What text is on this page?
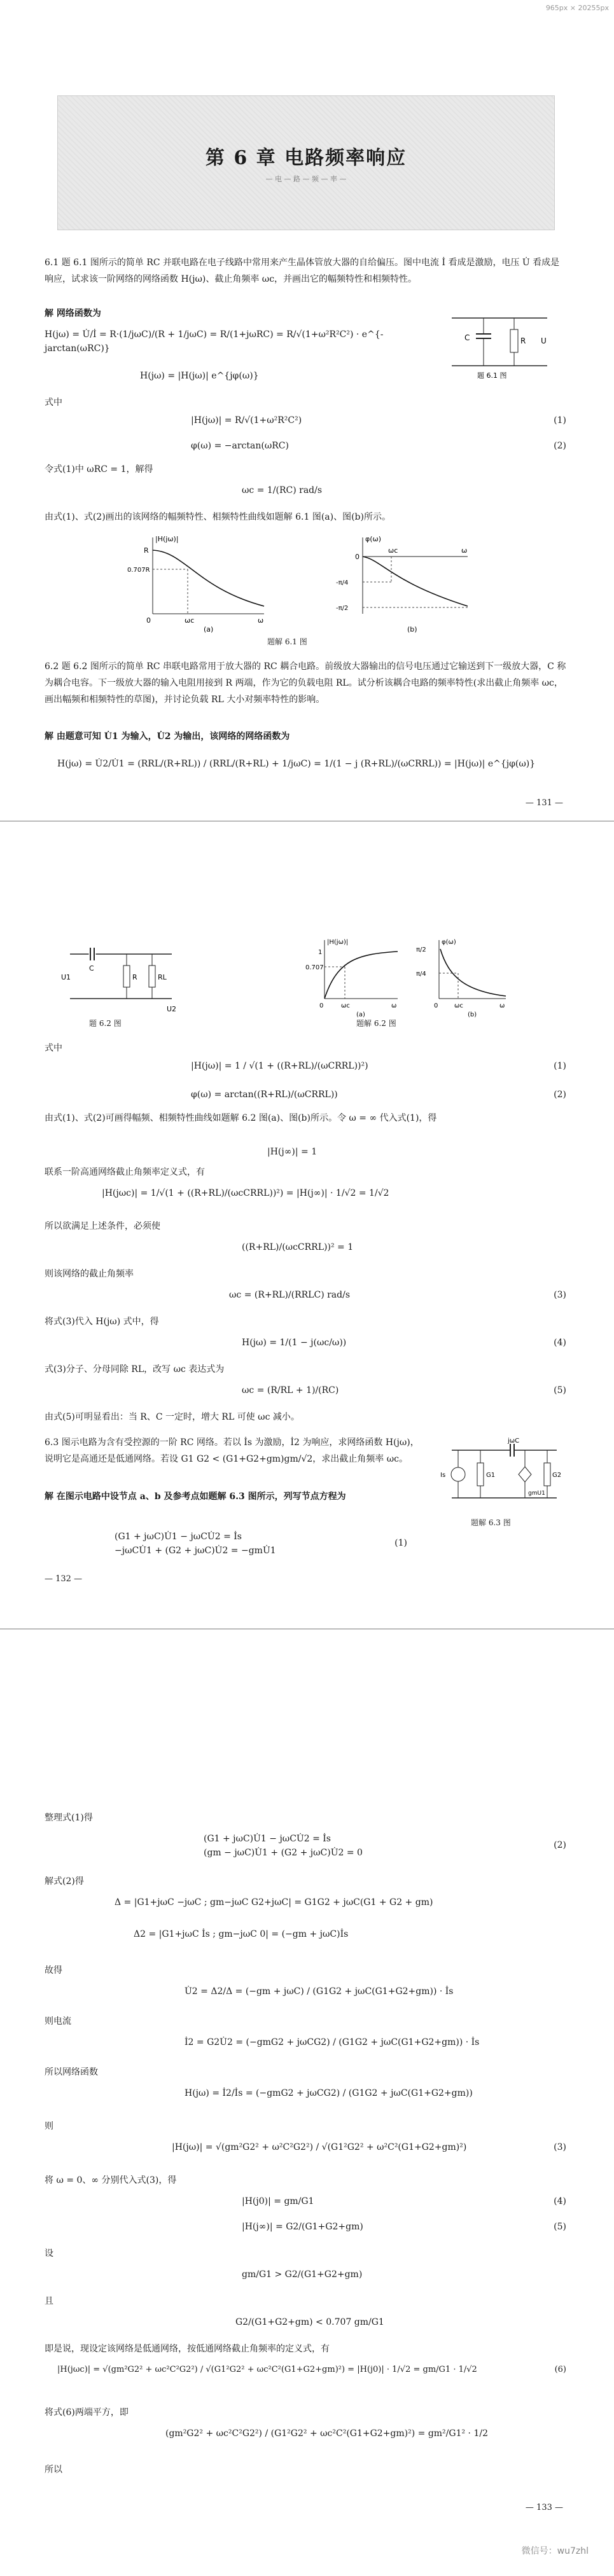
965px × 20255px
第 6 章 电路频率响应
— 电 — 路 — 频 — 率 —
6.1 题 6.1 图所示的简单 RC 并联电路在电子线路中常用来产生晶体管放大器的自给偏压。图中电流 İ 看成是激励，电压 U̇ 看成是响应，试求该一阶网络的网络函数 H(jω)、截止角频率 ωc，并画出它的幅频特性和相频特性。
解 网络函数为
H(jω) = U̇/İ = R·(1/jωC)/(R + 1/jωC) = R/(1+jωRC) = R/√(1+ω²R²C²) · e^{-jarctan(ωRC)}
H(jω) = |H(jω)| e^{jφ(ω)}
C	R U
题 6.1 图
式中
|H(jω)| = R/√(1+ω²R²C²)	(1)
φ(ω) = −arctan(ωRC)	(2)
令式(1)中 ωRC = 1，解得
ωc = 1/(RC) rad/s
由式(1)、式(2)画出的该网络的幅频特性、相频特性曲线如题解 6.1 图(a)、图(b)所示。
|H(jω)|
R
0.707R
0	ωc	ω
(a)
φ(ω)
0
-π/4
-π/2
ωc	ω
(b)
题解 6.1 图
6.2 题 6.2 图所示的简单 RC 串联电路常用于放大器的 RC 耦合电路。前级放大器输出的信号电压通过它输送到下一级放大器，C 称为耦合电容。下一级放大器的输入电阻用接到 R 两端，作为它的负载电阻 RL。试分析该耦合电路的频率特性(求出截止角频率 ωc，画出幅频和相频特性的草图)，并讨论负载 RL 大小对频率特性的影响。
解 由题意可知 U̇1 为输入，U̇2 为输出，该网络的网络函数为
H(jω) = U̇2/U̇1 = (RRL/(R+RL)) / (RRL/(R+RL) + 1/jωC) = 1/(1 − j (R+RL)/(ωCRRL)) = |H(jω)| e^{jφ(ω)}
— 131 —
C
R	RL
U1
U2
题 6.2 图
|H(jω)|
1
0.707
0	ωc	ω
(a)
φ(ω)
π/2
π/4
0	ωc	ω
(b)
题解 6.2 图
式中
|H(jω)| = 1 / √(1 + ((R+RL)/(ωCRRL))²)	(1)
φ(ω) = arctan((R+RL)/(ωCRRL))	(2)
由式(1)、式(2)可画得幅频、相频特性曲线如题解 6.2 图(a)、图(b)所示。令 ω = ∞ 代入式(1)，得
|H(j∞)| = 1
联系一阶高通网络截止角频率定义式，有
|H(jωc)| = 1/√(1 + ((R+RL)/(ωcCRRL))²) = |H(j∞)| · 1/√2 = 1/√2
所以欲满足上述条件，必须使
((R+RL)/(ωcCRRL))² = 1
则该网络的截止角频率
ωc = (R+RL)/(RRLC) rad/s	(3)
将式(3)代入 H(jω) 式中，得
H(jω) = 1/(1 − j(ωc/ω))	(4)
式(3)分子、分母同除 RL，改写 ωc 表达式为
ωc = (R/RL + 1)/(RC)	(5)
由式(5)可明显看出：当 R、C 一定时，增大 RL 可使 ωc 减小。
6.3 图示电路为含有受控源的一阶 RC 网络。若以 İs 为激励，İ2 为响应，求网络函数 H(jω)，说明它是高通还是低通网络。若设 G1 G2 < (G1+G2+gm)gm/√2，求出截止角频率 ωc。
Is	G1
jωC
gmU1
G2
题解 6.3 图
解 在图示电路中设节点 a、b 及参考点如题解 6.3 图所示，列写节点方程为
(G1 + jωC)U̇1 − jωCU̇2 = İs
−jωCU̇1 + (G2 + jωC)U̇2 = −gmU̇1
(1)
— 132 —
整理式(1)得
(G1 + jωC)U̇1 − jωCU̇2 = İs
(gm − jωC)U̇1 + (G2 + jωC)U̇2 = 0
(2)
解式(2)得
Δ = |G1+jωC −jωC ; gm−jωC G2+jωC| = G1G2 + jωC(G1 + G2 + gm)
Δ2 = |G1+jωC İs ; gm−jωC 0| = (−gm + jωC)İs
故得
U̇2 = Δ2/Δ = (−gm + jωC) / (G1G2 + jωC(G1+G2+gm)) · İs
则电流
İ2 = G2U̇2 = (−gmG2 + jωCG2) / (G1G2 + jωC(G1+G2+gm)) · İs
所以网络函数
H(jω) = İ2/İs = (−gmG2 + jωCG2) / (G1G2 + jωC(G1+G2+gm))
则
|H(jω)| = √(gm²G2² + ω²C²G2²) / √(G1²G2² + ω²C²(G1+G2+gm)²)	(3)
将 ω = 0、∞ 分别代入式(3)，得
|H(j0)| = gm/G1	(4)
|H(j∞)| = G2/(G1+G2+gm)	(5)
设
gm/G1 > G2/(G1+G2+gm)
且
G2/(G1+G2+gm) < 0.707 gm/G1
即是说，现设定该网络是低通网络，按低通网络截止角频率的定义式，有
|H(jωc)| = √(gm²G2² + ωc²C²G2²) / √(G1²G2² + ωc²C²(G1+G2+gm)²) = |H(j0)| · 1/√2 = gm/G1 · 1/√2	(6)
将式(6)两端平方，即
(gm²G2² + ωc²C²G2²) / (G1²G2² + ωc²C²(G1+G2+gm)²) = gm²/G1² · 1/2
所以
— 133 —
微信号：wu7zhl
